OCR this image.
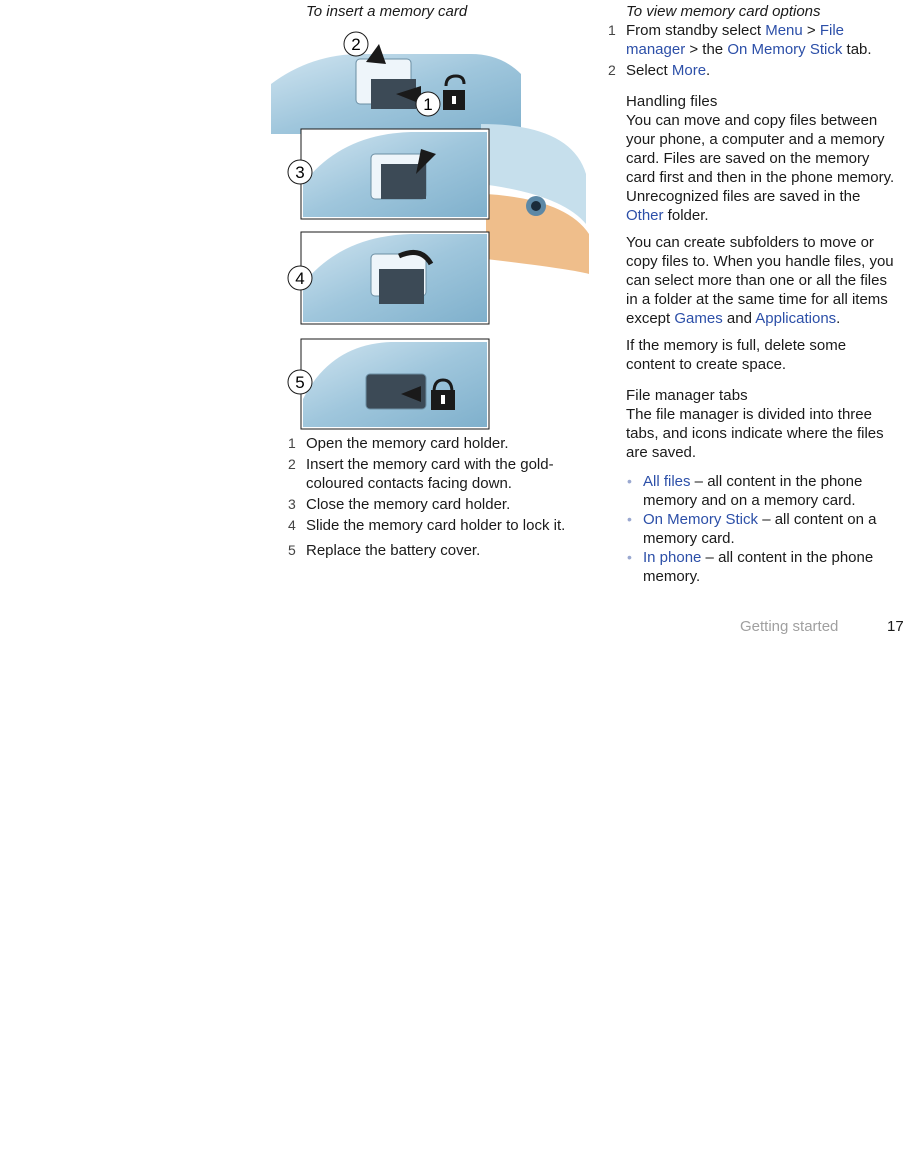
To insert a memory card

2
1
3
4
5
1 Open the memory card holder.
2 Insert the memory card with the gold-coloured contacts facing down.
3 Close the memory card holder.
4 Slide the memory card holder to lock it.
5 Replace the battery cover.

To view memory card options

1 From standby select Menu > File manager > the On Memory Stick tab.
2 Select More.
Handling files

You can move and copy files between your phone, a computer and a memory card. Files are saved on the memory card first and then in the phone memory. Unrecognized files are saved in the Other folder.

You can create subfolders to move or copy files to. When you handle files, you can select more than one or all the files in a folder at the same time for all items except Games and Applications.

If the memory is full, delete some content to create space.

File manager tabs

The file manager is divided into three tabs, and icons indicate where the files are saved.

• All files – all content in the phone memory and on a memory card.
• On Memory Stick – all content on a memory card.
• In phone – all content in the phone memory.
Getting started	17
